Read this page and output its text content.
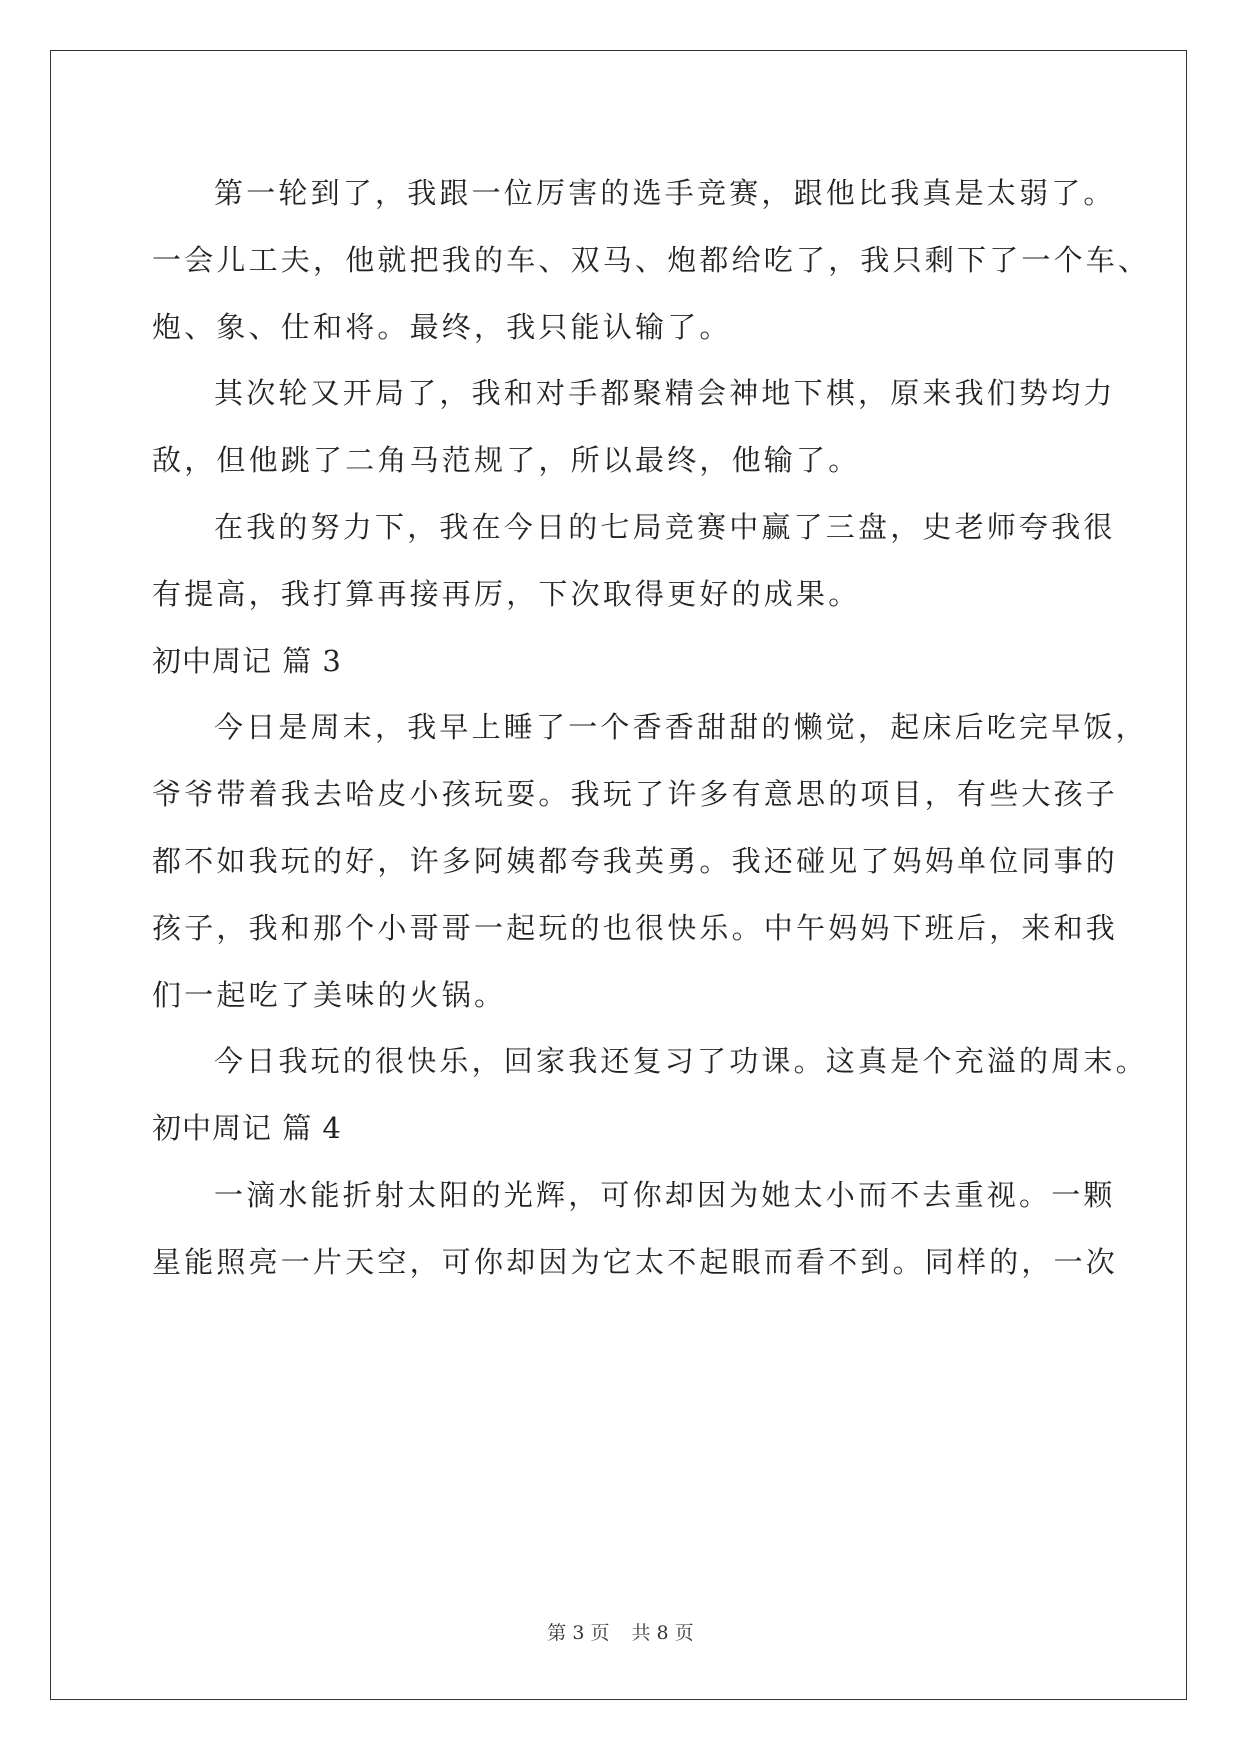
第一轮到了，我跟一位厉害的选手竞赛，跟他比我真是太弱了。
一会儿工夫，他就把我的车、双马、炮都给吃了，我只剩下了一个车、
炮、象、仕和将。最终，我只能认输了。
其次轮又开局了，我和对手都聚精会神地下棋，原来我们势均力
敌，但他跳了二角马范规了，所以最终，他输了。
在我的努力下，我在今日的七局竞赛中赢了三盘，史老师夸我很
有提高，我打算再接再厉，下次取得更好的成果。
初中周记 篇 3
今日是周末，我早上睡了一个香香甜甜的懒觉，起床后吃完早饭，
爷爷带着我去哈皮小孩玩耍。我玩了许多有意思的项目，有些大孩子
都不如我玩的好，许多阿姨都夸我英勇。我还碰见了妈妈单位同事的
孩子，我和那个小哥哥一起玩的也很快乐。中午妈妈下班后，来和我
们一起吃了美味的火锅。
今日我玩的很快乐，回家我还复习了功课。这真是个充溢的周末。
初中周记 篇 4
一滴水能折射太阳的光辉，可你却因为她太小而不去重视。一颗
星能照亮一片天空，可你却因为它太不起眼而看不到。同样的，一次
第 3 页 共 8 页
